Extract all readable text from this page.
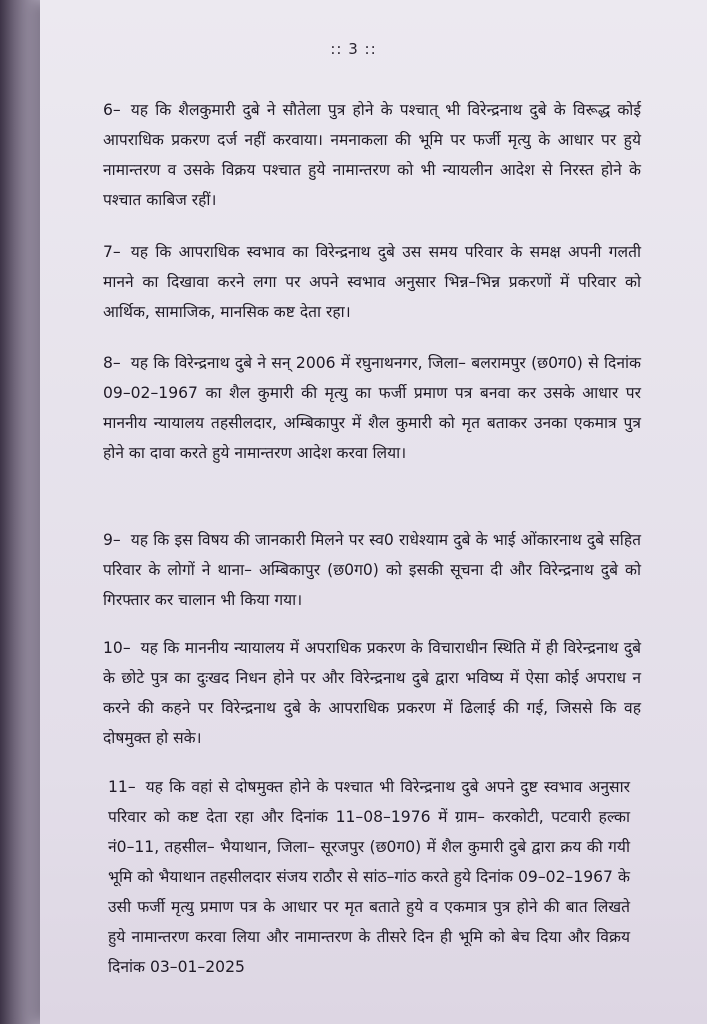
:: 3 ::
6– यह कि शैलकुमारी दुबे ने सौतेला पुत्र होने के पश्चात् भी विरेन्द्रनाथ दुबे के विरूद्ध कोई आपराधिक प्रकरण दर्ज नहीं करवाया। नमनाकला की भूमि पर फर्जी मृत्यु के आधार पर हुये नामान्तरण व उसके विक्रय पश्चात हुये नामान्तरण को भी न्यायलीन आदेश से निरस्त होने के पश्चात काबिज रहीं।
7– यह कि आपराधिक स्वभाव का विरेन्द्रनाथ दुबे उस समय परिवार के समक्ष अपनी गलती मानने का दिखावा करने लगा पर अपने स्वभाव अनुसार भिन्न–भिन्न प्रकरणों में परिवार को आर्थिक, सामाजिक, मानसिक कष्ट देता रहा।
8– यह कि विरेन्द्रनाथ दुबे ने सन् 2006 में रघुनाथनगर, जिला– बलरामपुर (छ0ग0) से दिनांक 09–02–1967 का शैल कुमारी की मृत्यु का फर्जी प्रमाण पत्र बनवा कर उसके आधार पर माननीय न्यायालय तहसीलदार, अम्बिकापुर में शैल कुमारी को मृत बताकर उनका एकमात्र पुत्र होने का दावा करते हुये नामान्तरण आदेश करवा लिया।
9– यह कि इस विषय की जानकारी मिलने पर स्व0 राधेश्याम दुबे के भाई ओंकारनाथ दुबे सहित परिवार के लोगों ने थाना– अम्बिकापुर (छ0ग0) को इसकी सूचना दी और विरेन्द्रनाथ दुबे को गिरफ्तार कर चालान भी किया गया।
10– यह कि माननीय न्यायालय में अपराधिक प्रकरण के विचाराधीन स्थिति में ही विरेन्द्रनाथ दुबे के छोटे पुत्र का दुःखद निधन होने पर और विरेन्द्रनाथ दुबे द्वारा भविष्य में ऐसा कोई अपराध न करने की कहने पर विरेन्द्रनाथ दुबे के आपराधिक प्रकरण में ढिलाई की गई, जिससे कि वह दोषमुक्त हो सके।
11– यह कि वहां से दोषमुक्त होने के पश्चात भी विरेन्द्रनाथ दुबे अपने दुष्ट स्वभाव अनुसार परिवार को कष्ट देता रहा और दिनांक 11–08–1976 में ग्राम– करकोटी, पटवारी हल्का नं0–11, तहसील– भैयाथान, जिला– सूरजपुर (छ0ग0) में शैल कुमारी दुबे द्वारा क्रय की गयी भूमि को भैयाथान तहसीलदार संजय राठौर से सांठ–गांठ करते हुये दिनांक 09–02–1967 के उसी फर्जी मृत्यु प्रमाण पत्र के आधार पर मृत बताते हुये व एकमात्र पुत्र होने की बात लिखते हुये नामान्तरण करवा लिया और नामान्तरण के तीसरे दिन ही भूमि को बेच दिया और विक्रय दिनांक 03–01–2025
